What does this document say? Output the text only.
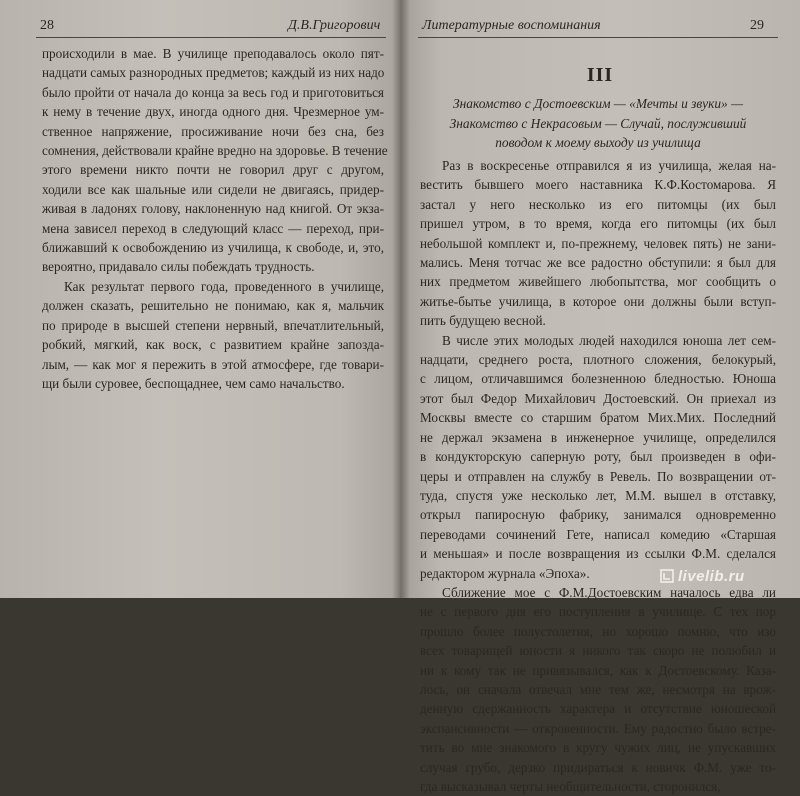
28	Д.В.Григорович

происходили в мае. В училище преподавалось около пят-
надцати самых разнородных предметов; каждый из них надо
было пройти от начала до конца за весь год и приготовиться
к нему в течение двух, иногда одного дня. Чрезмерное ум-
ственное напряжение, просиживание ночи без сна, без
сомнения, действовали крайне вредно на здоровье. В течение
этого времени никто почти не говорил друг с другом,
ходили все как шальные или сидели не двигаясь, придер-
живая в ладонях голову, наклоненную над книгой. От экза-
мена зависел переход в следующий класс — переход, при-
ближавший к освобождению из училища, к свободе, и, это,
вероятно, придавало силы побеждать трудность.

Как результат первого года, проведенного в училище,
должен сказать, решительно не понимаю, как я, мальчик
по природе в высшей степени нервный, впечатлительный,
робкий, мягкий, как воск, с развитием крайне запозда-
лым, — как мог я пережить в этой атмосфере, где товари-
щи были суровее, беспощаднее, чем само начальство.

Литературные воспоминания	29
III
Знакомство с Достоевским — «Мечты и звуки» —
Знакомство с Некрасовым — Случай, послуживший
поводом к моему выходу из училища

Раз в воскресенье отправился я из училища, желая на-
вестить бывшего моего наставника К.Ф.Костомарова. Я
застал у него несколько из его питомцы (их был
пришел утром, в то время, когда его питомцы (их был
небольшой комплект и, по-прежнему, человек пять) не зани-
мались. Меня тотчас же все радостно обступили: я был для
них предметом живейшего любопытства, мог сообщить о
житье-бытье училища, в которое они должны были вступ-
пить будущею весной.

В числе этих молодых людей находился юноша лет сем-
надцати, среднего роста, плотного сложения, белокурый,
с лицом, отличавшимся болезненною бледностью. Юноша
этот был Федор Михайлович Достоевский. Он приехал из
Москвы вместе со старшим братом Мих.Мих. Последний
не держал экзамена в инженерное училище, определился
в кондукторскую саперную роту, был произведен в офи-
церы и отправлен на службу в Ревель. По возвращении от-
туда, спустя уже несколько лет, М.М. вышел в отставку,
открыл папиросную фабрику, занимался одновременно
переводами сочинений Гете, написал комедию «Старшая
и меньшая» и после возвращения из ссылки Ф.М. сделался
редактором журнала «Эпоха».

Сближение мое с Ф.М.Достоевским началось едва ли
не с первого дня его поступления в училище. С тех пор
прошло более полустолетия, но хорошо помню, что изо
всех товарищей юности я никого так скоро не полюбил и
ни к кому так не привязывался, как к Достоевскому. Каза-
лось, он сначала отвечал мне тем же, несмотря на врож-
денную сдержанность характера и отсутствие юношеской
экспансивности — откровенности. Ему радостно было встре-
тить во мне знакомого в кругу чужих лиц, не упускавших
случая грубо, дерзко придираться к новичк Ф.М. уже то-
гда высказывал черты необщительности, сторонился,

livelib.ru
